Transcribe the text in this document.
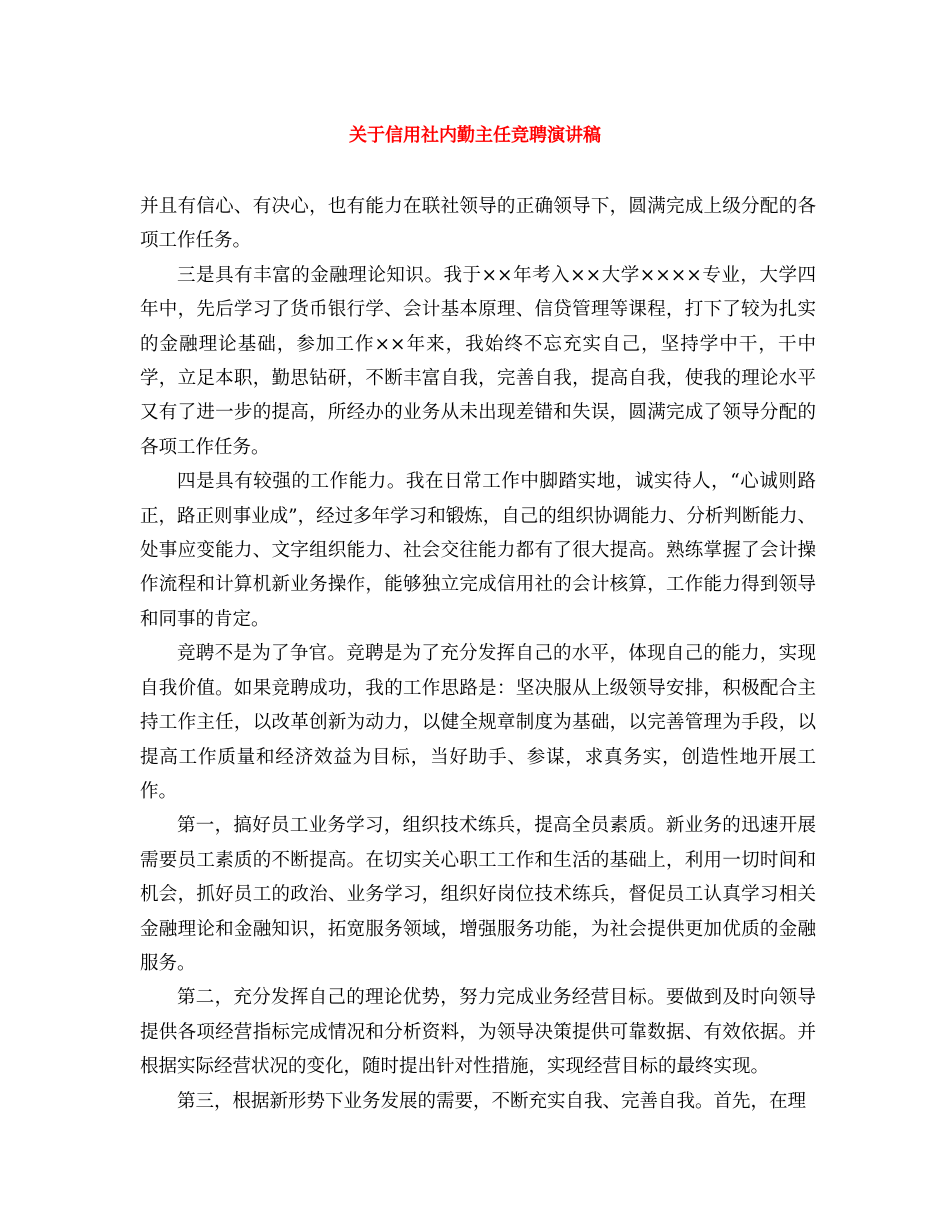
关于信用社内勤主任竞聘演讲稿

并且有信心、有决心，也有能力在联社领导的正确领导下，圆满完成上级分配的各项工作任务。

三是具有丰富的金融理论知识。我于××年考入××大学××××专业，大学四年中，先后学习了货币银行学、会计基本原理、信贷管理等课程，打下了较为扎实的金融理论基础，参加工作××年来，我始终不忘充实自己，坚持学中干，干中学，立足本职，勤思钻研，不断丰富自我，完善自我，提高自我，使我的理论水平又有了进一步的提高，所经办的业务从未出现差错和失误，圆满完成了领导分配的各项工作任务。

四是具有较强的工作能力。我在日常工作中脚踏实地，诚实待人，“心诚则路正，路正则事业成”，经过多年学习和锻炼，自己的组织协调能力、分析判断能力、处事应变能力、文字组织能力、社会交往能力都有了很大提高。熟练掌握了会计操作流程和计算机新业务操作，能够独立完成信用社的会计核算，工作能力得到领导和同事的肯定。

竞聘不是为了争官。竞聘是为了充分发挥自己的水平，体现自己的能力，实现自我价值。如果竞聘成功，我的工作思路是：坚决服从上级领导安排，积极配合主持工作主任，以改革创新为动力，以健全规章制度为基础，以完善管理为手段，以提高工作质量和经济效益为目标，当好助手、参谋，求真务实，创造性地开展工作。

第一，搞好员工业务学习，组织技术练兵，提高全员素质。新业务的迅速开展需要员工素质的不断提高。在切实关心职工工作和生活的基础上，利用一切时间和机会，抓好员工的政治、业务学习，组织好岗位技术练兵，督促员工认真学习相关金融理论和金融知识，拓宽服务领域，增强服务功能，为社会提供更加优质的金融服务。

第二，充分发挥自己的理论优势，努力完成业务经营目标。要做到及时向领导提供各项经营指标完成情况和分析资料，为领导决策提供可靠数据、有效依据。并根据实际经营状况的变化，随时提出针对性措施，实现经营目标的最终实现。

第三，根据新形势下业务发展的需要，不断充实自我、完善自我。首先，在理
